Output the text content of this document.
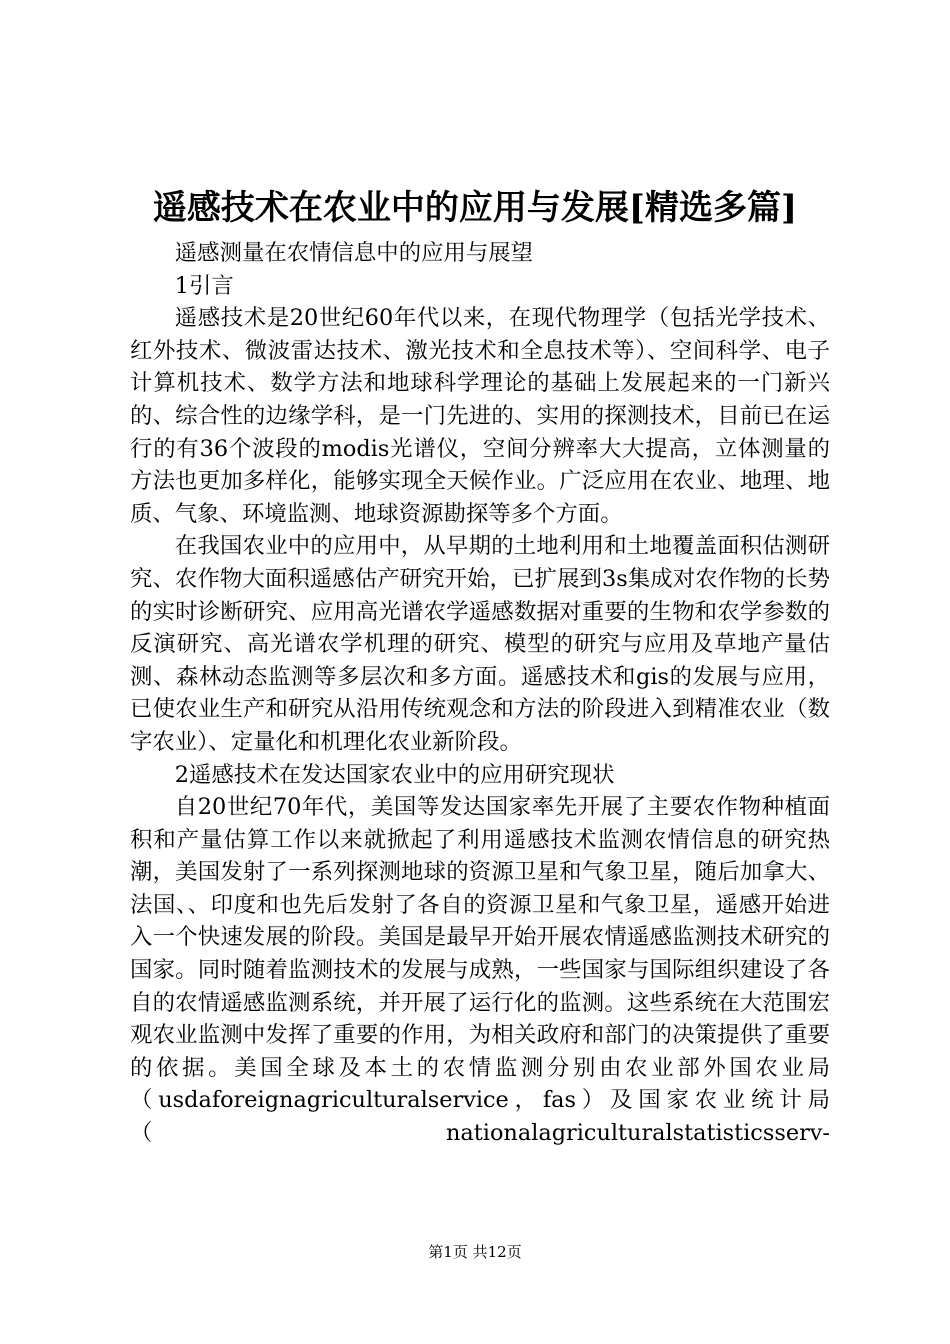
遥感技术在农业中的应用与发展[精选多篇]

遥感测量在农情信息中的应用与展望

1引言

遥感技术是20世纪60年代以来，在现代物理学（包括光学技术、红外技术、微波雷达技术、激光技术和全息技术等）、空间科学、电子计算机技术、数学方法和地球科学理论的基础上发展起来的一门新兴的、综合性的边缘学科，是一门先进的、实用的探测技术，目前已在运行的有36个波段的modis光谱仪，空间分辨率大大提高，立体测量的方法也更加多样化，能够实现全天候作业。广泛应用在农业、地理、地质、气象、环境监测、地球资源勘探等多个方面。

在我国农业中的应用中，从早期的土地利用和土地覆盖面积估测研究、农作物大面积遥感估产研究开始，已扩展到3s集成对农作物的长势的实时诊断研究、应用高光谱农学遥感数据对重要的生物和农学参数的反演研究、高光谱农学机理的研究、模型的研究与应用及草地产量估测、森林动态监测等多层次和多方面。遥感技术和gis的发展与应用，已使农业生产和研究从沿用传统观念和方法的阶段进入到精准农业（数字农业）、定量化和机理化农业新阶段。

2遥感技术在发达国家农业中的应用研究现状

自20世纪70年代，美国等发达国家率先开展了主要农作物种植面积和产量估算工作以来就掀起了利用遥感技术监测农情信息的研究热潮，美国发射了一系列探测地球的资源卫星和气象卫星，随后加拿大、法国、、印度和也先后发射了各自的资源卫星和气象卫星，遥感开始进入一个快速发展的阶段。美国是最早开始开展农情遥感监测技术研究的国家。同时随着监测技术的发展与成熟，一些国家与国际组织建设了各自的农情遥感监测系统，并开展了运行化的监测。这些系统在大范围宏观农业监测中发挥了重要的作用，为相关政府和部门的决策提供了重要的依据。美国全球及本土的农情监测分别由农业部外国农业局（usdaforeignagriculturalservice，fas）及国家农业统计局（nationalagriculturalstatisticsserv-

第1页 共12页
